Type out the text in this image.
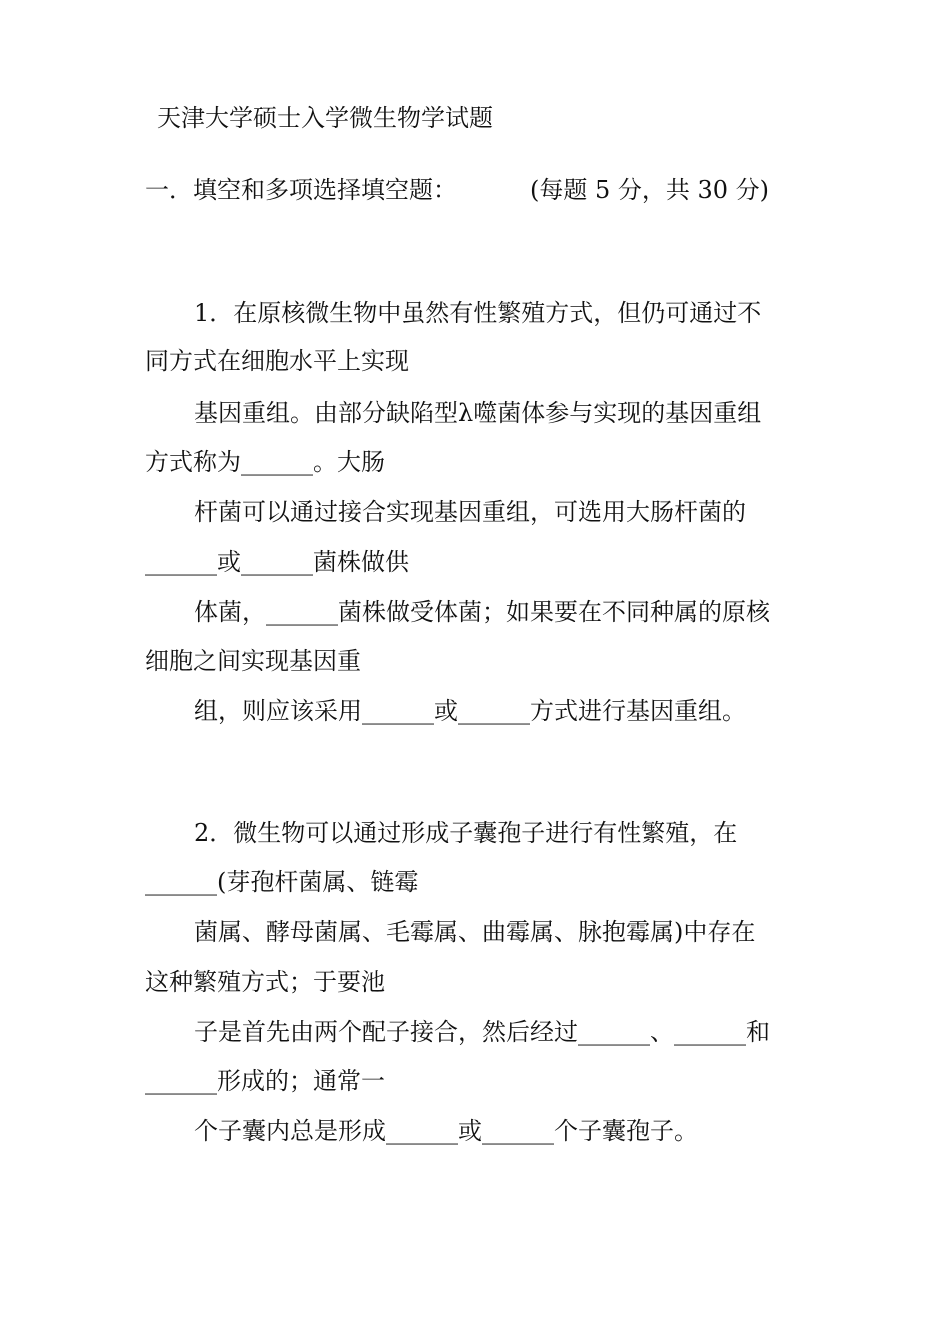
天津大学硕士入学微生物学试题
一．填空和多项选择填空题：	(每题 5 分，共 30 分)
1．在原核微生物中虽然有性繁殖方式，但仍可通过不
同方式在细胞水平上实现
基因重组。由部分缺陷型λ噬菌体参与实现的基因重组
方式称为______。大肠
杆菌可以通过接合实现基因重组，可选用大肠杆菌的
______或______菌株做供
体菌，______菌株做受体菌；如果要在不同种属的原核
细胞之间实现基因重
组，则应该采用______或______方式进行基因重组。
2．微生物可以通过形成子囊孢子进行有性繁殖，在
______(芽孢杆菌属、链霉
菌属、酵母菌属、毛霉属、曲霉属、脉抱霉属)中存在
这种繁殖方式；于要池
子是首先由两个配子接合，然后经过______、______和
______形成的；通常一
个子囊内总是形成______或______个子囊孢子。
